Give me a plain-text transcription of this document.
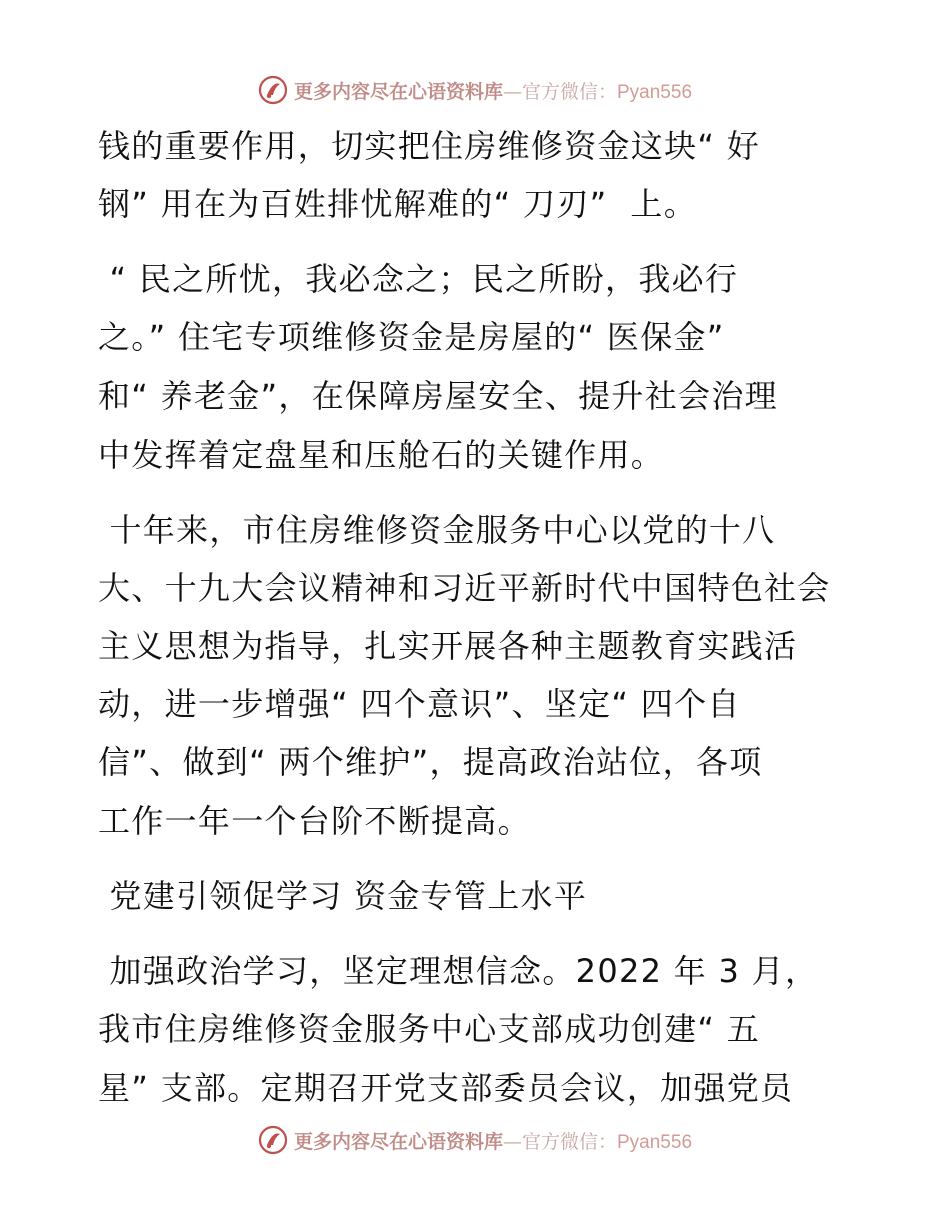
更多内容尽在心语资料库—官方微信：Pyan556
钱的重要作用，切实把住房维修资金这块“ 好
钢” 用在为百姓排忧解难的“ 刀刃”  上。
“ 民之所忧，我必念之；民之所盼，我必行
之。” 住宅专项维修资金是房屋的“ 医保金”
和“ 养老金”，在保障房屋安全、提升社会治理
中发挥着定盘星和压舱石的关键作用。
十年来，市住房维修资金服务中心以党的十八
大、十九大会议精神和习近平新时代中国特色社会
主义思想为指导，扎实开展各种主题教育实践活
动，进一步增强“ 四个意识”、坚定“ 四个自
信”、做到“ 两个维护”，提高政治站位，各项
工作一年一个台阶不断提高。
党建引领促学习 资金专管上水平
加强政治学习，坚定理想信念。2022 年 3 月，
我市住房维修资金服务中心支部成功创建“ 五
星” 支部。定期召开党支部委员会议，加强党员
更多内容尽在心语资料库—官方微信：Pyan556
